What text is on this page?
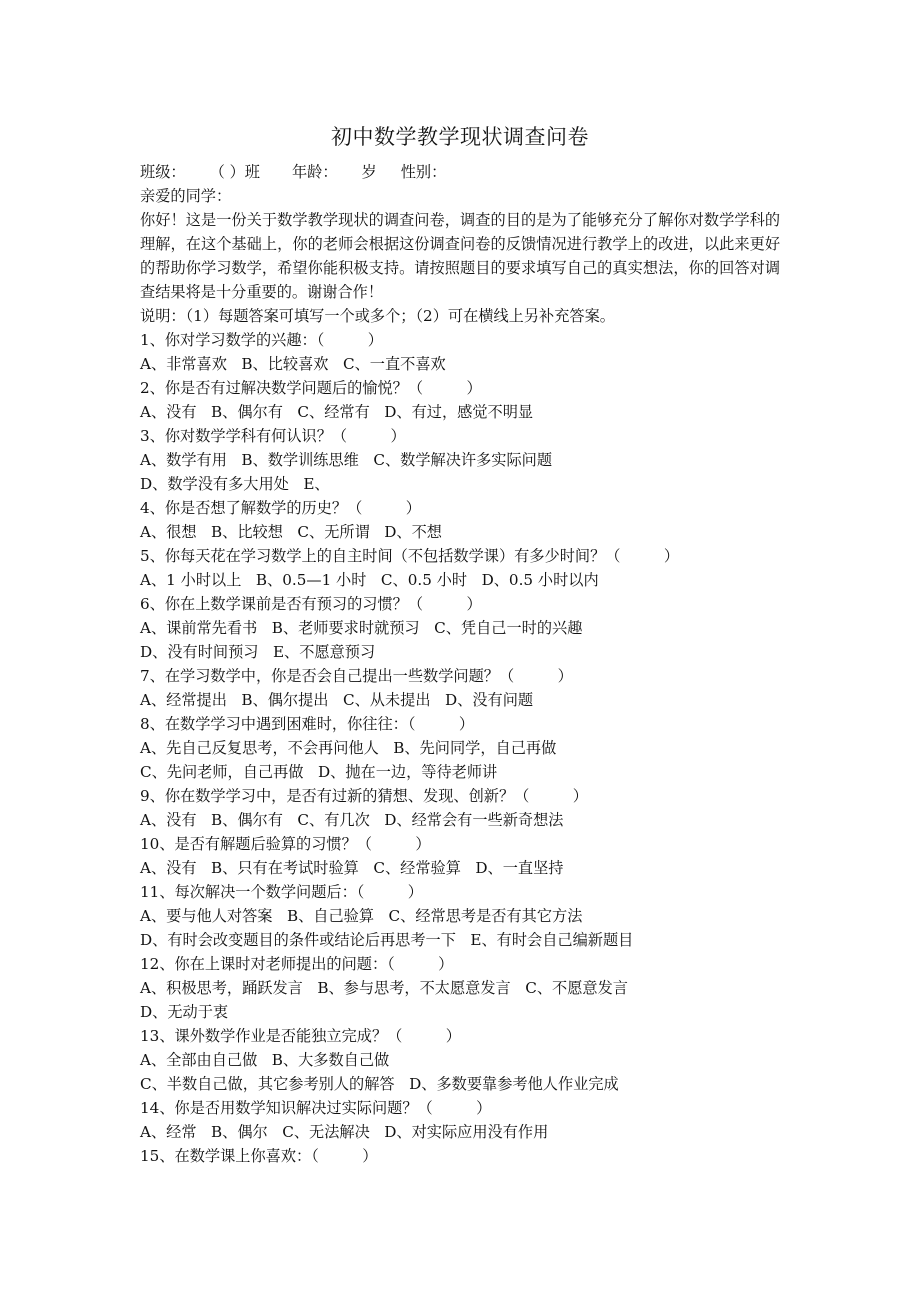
初中数学教学现状调查问卷
班级： （ ）班 年龄： 岁 性别：
亲爱的同学：
你好！这是一份关于数学教学现状的调查问卷，调查的目的是为了能够充分了解你对数学学科的理解，在这个基础上，你的老师会根据这份调查问卷的反馈情况进行教学上的改进，以此来更好的帮助你学习数学，希望你能积极支持。请按照题目的要求填写自己的真实想法，你的回答对调查结果将是十分重要的。谢谢合作！
说明：（1）每题答案可填写一个或多个；（2）可在横线上另补充答案。
1、你对学习数学的兴趣：（         ）
A、非常喜欢   B、比较喜欢   C、一直不喜欢
2、你是否有过解决数学问题后的愉悦？（         ）
A、没有   B、偶尔有   C、经常有   D、有过，感觉不明显
3、你对数学学科有何认识？（         ）
A、数学有用   B、数学训练思维   C、数学解决许多实际问题
D、数学没有多大用处   E、
4、你是否想了解数学的历史？（         ）
A、很想   B、比较想   C、无所谓   D、不想
5、你每天花在学习数学上的自主时间（不包括数学课）有多少时间？（         ）
A、1 小时以上   B、0.5—1 小时   C、0.5 小时   D、0.5 小时以内
6、你在上数学课前是否有预习的习惯？（         ）
A、课前常先看书   B、老师要求时就预习   C、凭自己一时的兴趣
D、没有时间预习   E、不愿意预习
7、在学习数学中，你是否会自己提出一些数学问题？（         ）
A、经常提出   B、偶尔提出   C、从未提出   D、没有问题
8、在数学学习中遇到困难时，你往往：（         ）
A、先自己反复思考，不会再问他人   B、先问同学，自己再做
C、先问老师，自己再做   D、抛在一边，等待老师讲
9、你在数学学习中，是否有过新的猜想、发现、创新？（         ）
A、没有   B、偶尔有   C、有几次   D、经常会有一些新奇想法
10、是否有解题后验算的习惯？（         ）
A、没有   B、只有在考试时验算   C、经常验算   D、一直坚持
11、每次解决一个数学问题后：（         ）
A、要与他人对答案   B、自己验算   C、经常思考是否有其它方法
D、有时会改变题目的条件或结论后再思考一下   E、有时会自己编新题目
12、你在上课时对老师提出的问题：（         ）
A、积极思考，踊跃发言   B、参与思考，不太愿意发言   C、不愿意发言
D、无动于衷
13、课外数学作业是否能独立完成？（         ）
A、全部由自己做   B、大多数自己做
C、半数自己做，其它参考别人的解答   D、多数要靠参考他人作业完成
14、你是否用数学知识解决过实际问题？（         ）
A、经常   B、偶尔   C、无法解决   D、对实际应用没有作用
15、在数学课上你喜欢：（         ）
